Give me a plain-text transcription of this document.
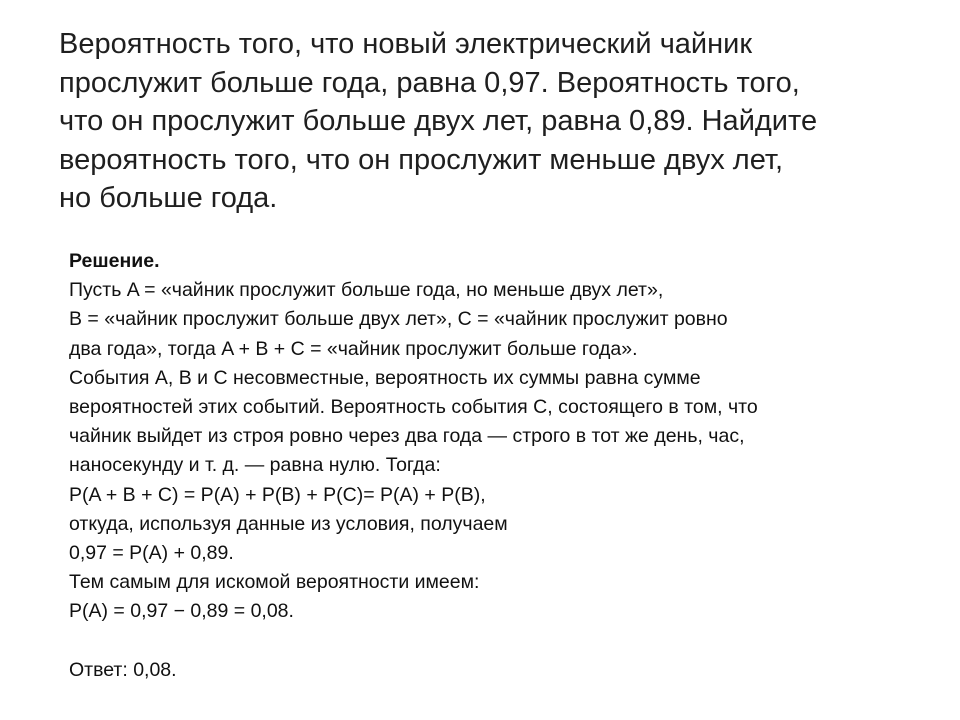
Вероятность того, что новый электрический чайник
прослужит больше года, равна 0,97. Вероятность того,
что он прослужит больше двух лет, равна 0,89. Найдите
вероятность того, что он прослужит меньше двух лет,
но больше года.
Решение.
Пусть A = «чайник прослужит больше года, но меньше двух лет»,
В = «чайник прослужит больше двух лет», С = «чайник прослужит ровно
два года», тогда A + B + С = «чайник прослужит больше года».
События A, В и С несовместные, вероятность их суммы равна сумме
вероятностей этих событий. Вероятность события С, состоящего в том, что
чайник выйдет из строя ровно через два года — строго в тот же день, час,
наносекунду и т. д. — равна нулю. Тогда:
P(A + B + С) = P(A) + P(B) + P(С)= P(A) + P(B),
откуда, используя данные из условия, получаем
0,97 = P(A) + 0,89.
Тем самым для искомой вероятности имеем:
P(A) = 0,97 − 0,89 = 0,08.
Ответ: 0,08.
